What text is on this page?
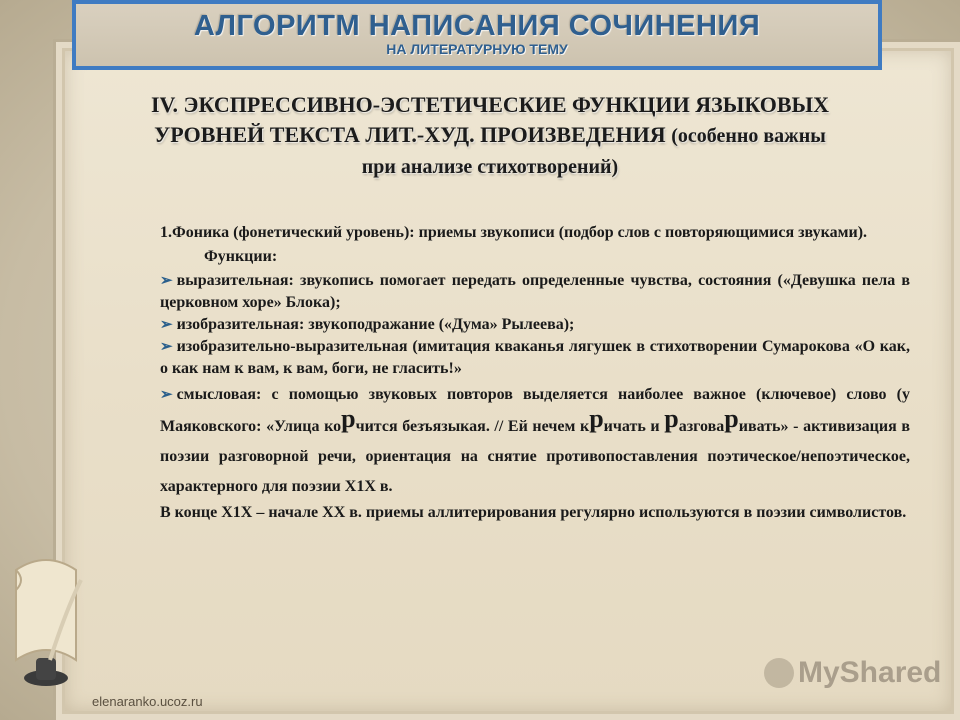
АЛГОРИТМ НАПИСАНИЯ СОЧИНЕНИЯ
НА ЛИТЕРАТУРНУЮ ТЕМУ
IV. ЭКСПРЕССИВНО-ЭСТЕТИЧЕСКИЕ ФУНКЦИИ ЯЗЫКОВЫХ УРОВНЕЙ ТЕКСТА ЛИТ.-ХУД. ПРОИЗВЕДЕНИЯ (особенно важны при анализе стихотворений)

1.Фоника (фонетический уровень): приемы звукописи (подбор слов с повторяющимися звуками).

Функции:

➢ выразительная: звукопись помогает передать определенные чувства, состояния («Девушка пела в церковном хоре» Блока);

➢ изобразительная: звукоподражание («Дума» Рылеева);

➢ изобразительно-выразительная (имитация кваканья лягушек в стихотворении Сумарокова «О как, о как нам к вам, к вам, боги, не гласить!»

➢ смысловая: с помощью звуковых повторов выделяется наиболее важное (ключевое) слово (у Маяковского: «Улица корчится безъязыкая. // Ей нечем кричать и разговаривать» - активизация в поэзии разговорной речи, ориентация на снятие противопоставления поэтическое/непоэтическое, характерного для поэзии Х1Х в.

В конце Х1Х – начале ХХ в. приемы аллитерирования регулярно используются в поэзии символистов.

elenaranko.ucoz.ru
MyShared
